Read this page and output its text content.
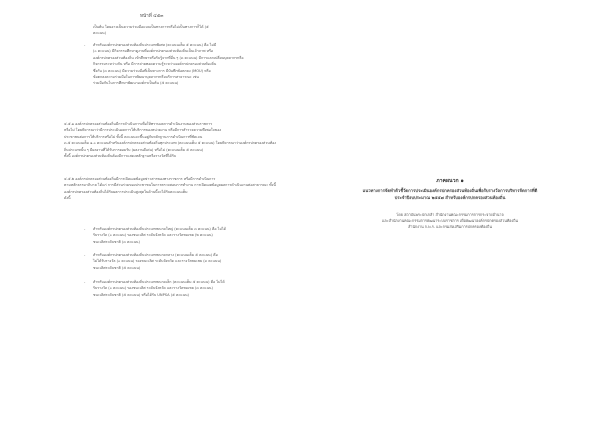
หน้าที่ ๔๕๓

เป็นต้น โดยอาจเป็นความร่วมมือแบบเป็นทางการหรือไม่เป็นทางการก็ได้ (๕
คะแนน)

- สำหรับองค์กรปกครองส่วนท้องถิ่นประเภทพิเศษ (คะแนนเต็ม ๕ คะแนน) คือ ไม่มี
(๐ คะแนน) มีกิจกรรมศึกษาดูงานที่องค์กรปกครองส่วนท้องถิ่นเป็นเจ้าภาพ หรือ
องค์กรปกครองส่วนท้องถิ่น เข้าศึกษาหรือรับรู้จากที่อื่น ๆ (๓ คะแนน) มีการแลกเปลี่ยนบุคลากรหรือ
กิจกรรมระหว่างกัน หรือ มีการถ่ายทอดความรู้ระหว่างองค์กรปกครองส่วนท้องถิ่น
ซึ่งกัน (๓ คะแนน) มีความร่วมมือที่เป็นทางการ มีบันทึกข้อตกลง (MOU) หรือ
ข้อตกลงความร่วมมือในการพัฒนาบุคลากรหรือบริการสาธารณะ เช่น
ร่วมมือกันในการศึกษาพัฒนาองค์กรเป็นต้น (๕ คะแนน)

๔.๕.๑ องค์กรปกครองส่วนท้องถิ่นมีการดำเนินการเพื่อให้ทราบผลการดำเนินงานของส่วนราชการ
หรือไม่ โดยพิจารณาว่ามีการประเมินผลการให้บริการของหน่วยงาน หรือมีการสำรวจความพึงพอใจของ
ประชาชนต่อการให้บริการหรือไม่ ทั้งนี้ คะแนนจะขึ้นอยู่กับหลักฐานการดำเนินการที่ชัดเจน
๓.๕ คะแนนเต็ม ๑.๐ คะแนนสำหรับองค์กรปกครองส่วนท้องถิ่นทุกประเภท (คะแนนเต็ม ๕ คะแนน) โดยพิจารณาว่าองค์กรปกครองส่วนท้องถิ่นประเภทนั้น ๆ มีผลงานที่ได้รับการยอมรับ (ผลงานดีเด่น) หรือไม่ (คะแนนเต็ม ๕ คะแนน)
ทั้งนี้ องค์กรปกครองส่วนท้องถิ่นต้องมีการแสดงหลักฐานหรือรางวัลที่ได้รับ

๔.๕.๒ องค์กรปกครองส่วนท้องถิ่นมีการเปิดเผยข้อมูลข่าวสารของทางราชการ หรือมีการดำเนินการ
ตามหลักธรรมาภิบาล ได้แก่ การมีส่วนร่วมของประชาชนในการตรวจสอบการทำงาน การเปิดเผยข้อมูลผลการดำเนินงานต่อสาธารณะ ทั้งนี้
องค์กรปกครองส่วนท้องถิ่นได้รับผลการประเมินสูงสุดในด้านนี้จะได้รับคะแนนเต็ม
ดังนี้

- สำหรับองค์กรปกครองส่วนท้องถิ่นประเภทขนาดใหญ่ (คะแนนเต็ม ๓ คะแนน) คือ ไม่ได้
รับรางวัล (๐ คะแนน) รองชนะเลิศ ระดับจังหวัด และรางวัลชมเชย (๒ คะแนน)
ชนะเลิศระดับชาติ (๓ คะแนน)

- สำหรับองค์กรปกครองส่วนท้องถิ่นประเภทขนาดกลาง (คะแนนเต็ม ๕ คะแนน) คือ
ไม่ได้รับรางวัล (๐ คะแนน) รองชนะเลิศ ระดับจังหวัด และรางวัลชมเชย (๓ คะแนน)
ชนะเลิศระดับชาติ (๕ คะแนน)

- สำหรับองค์กรปกครองส่วนท้องถิ่นประเภทขนาดเล็ก (คะแนนเต็ม ๕ คะแนน) คือ ไม่ได้
รับรางวัล (๐ คะแนน) รองชนะเลิศ ระดับจังหวัด และรางวัลชมเชย (๓ คะแนน)
ชนะเลิศระดับชาติ (๕ คะแนน) หรือได้รับ UNPSA (๕ คะแนน)

ภาคผนวก ๑
แนวทางการจัดทำตัวชี้วัดการประเมินองค์กรปกครองส่วนท้องถิ่นเพื่อรับรางวัลการบริหารจัดการที่ดี
ประจำปีงบประมาณ ๒๕๕๗ สำหรับองค์กรปกครองส่วนท้องถิ่น
โดย สถาบันพระปกเกล้า สำนักงานคณะกรรมการการกระจายอำนาจ
และสำนักงานคณะกรรมการพัฒนาระบบราชการ เพื่อพัฒนาองค์กรปกครองส่วนท้องถิ่น
สำนักงาน ก.พ.ร. และกรมส่งเสริมการปกครองท้องถิ่น
